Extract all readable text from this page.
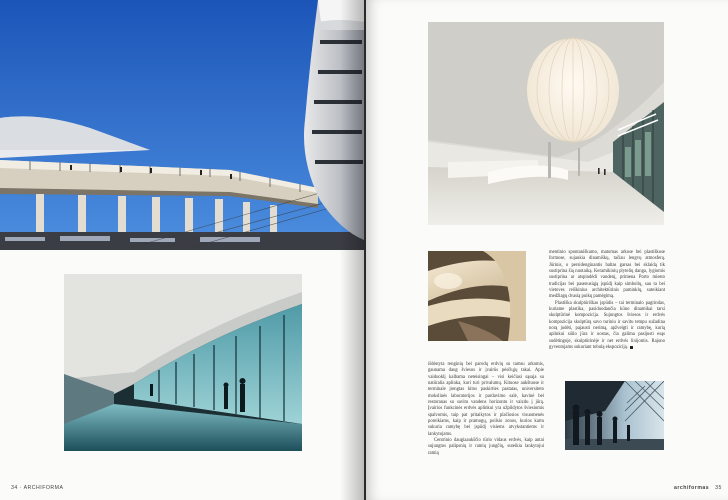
34 · ARCHIFORMA

mentinio spontaniškumo, matomas arkose bei plastiškose formose, sujaukia dinamiškų, tačiau lengvų atmosferą. Jūrinis, o persidenginantis baltas garsas bei sklaidą tik sustiprina šią nuotaiką. Keramikinių plytelių danga, lygiomis sustiprina ar atspindėdi vandenį, primena Porto miesto tradicijas bei pasenusiąją įspūdį kaip simbolių, sau ta bei vietoves reiškinius architektūrinis paminklų, suteikiant medžiagų dvasią puikų pamėgimą.

Plastiška skulptūriškas įspūdis – tai terminalo pagrindas, kuriame plastika, pasiduodančia kūno dinamikai tarsi skulptūrinė kompozicija. Sujungtos šviesos ir erdvės kompozicija skulptūrą savo turiniu ir savitu tempu sužadina norą judėti, pajausti nerimą, apžvelgti ir ramybę, kurią aplinkui siūlo jūra ir uostas, čia galima pasijusti esąs sudėtingoje, skulptūrinėje ir net erdvės linijomis. Rajono gyventojams sukuriant tobulą ekspoziciją.

išdėstyta renginių bei parodų erdvių su tamsu arkomis, gaunama daug šviesos ir įvairūs pėsčiųjų takai. Apie vaiduoklį kalbama neteisingai – visi keičiasi sąsaja su natūralia aplinka, kuri turi privalumų. Kituose aukštuose ir terminale įrengtas kitos paskirties pastatas, universiteto mokslinės laboratorijos ir pardavimo salė, kavinė bei restoranas su savitu vandens horizontu ir vaizdu į jūrą. Įvairios funkcinės erdvės aplinkui yra užpildytos šviesiomis spalvomis, taip pat pritaikytos ir plačiosios visuomenės poreikiams, kaip ir pramogų, poilsio zonos, kurios kartu sukuria ramybę bei įspūdį visiems atvykstantiems ir lankytojams.

Centrinio daugiaaukščio tūrio vidaus erdvės, kaip antai sujungtos palipsnių ir ramių jungčių, suteikia lankytojui ramią

archiformas 35
